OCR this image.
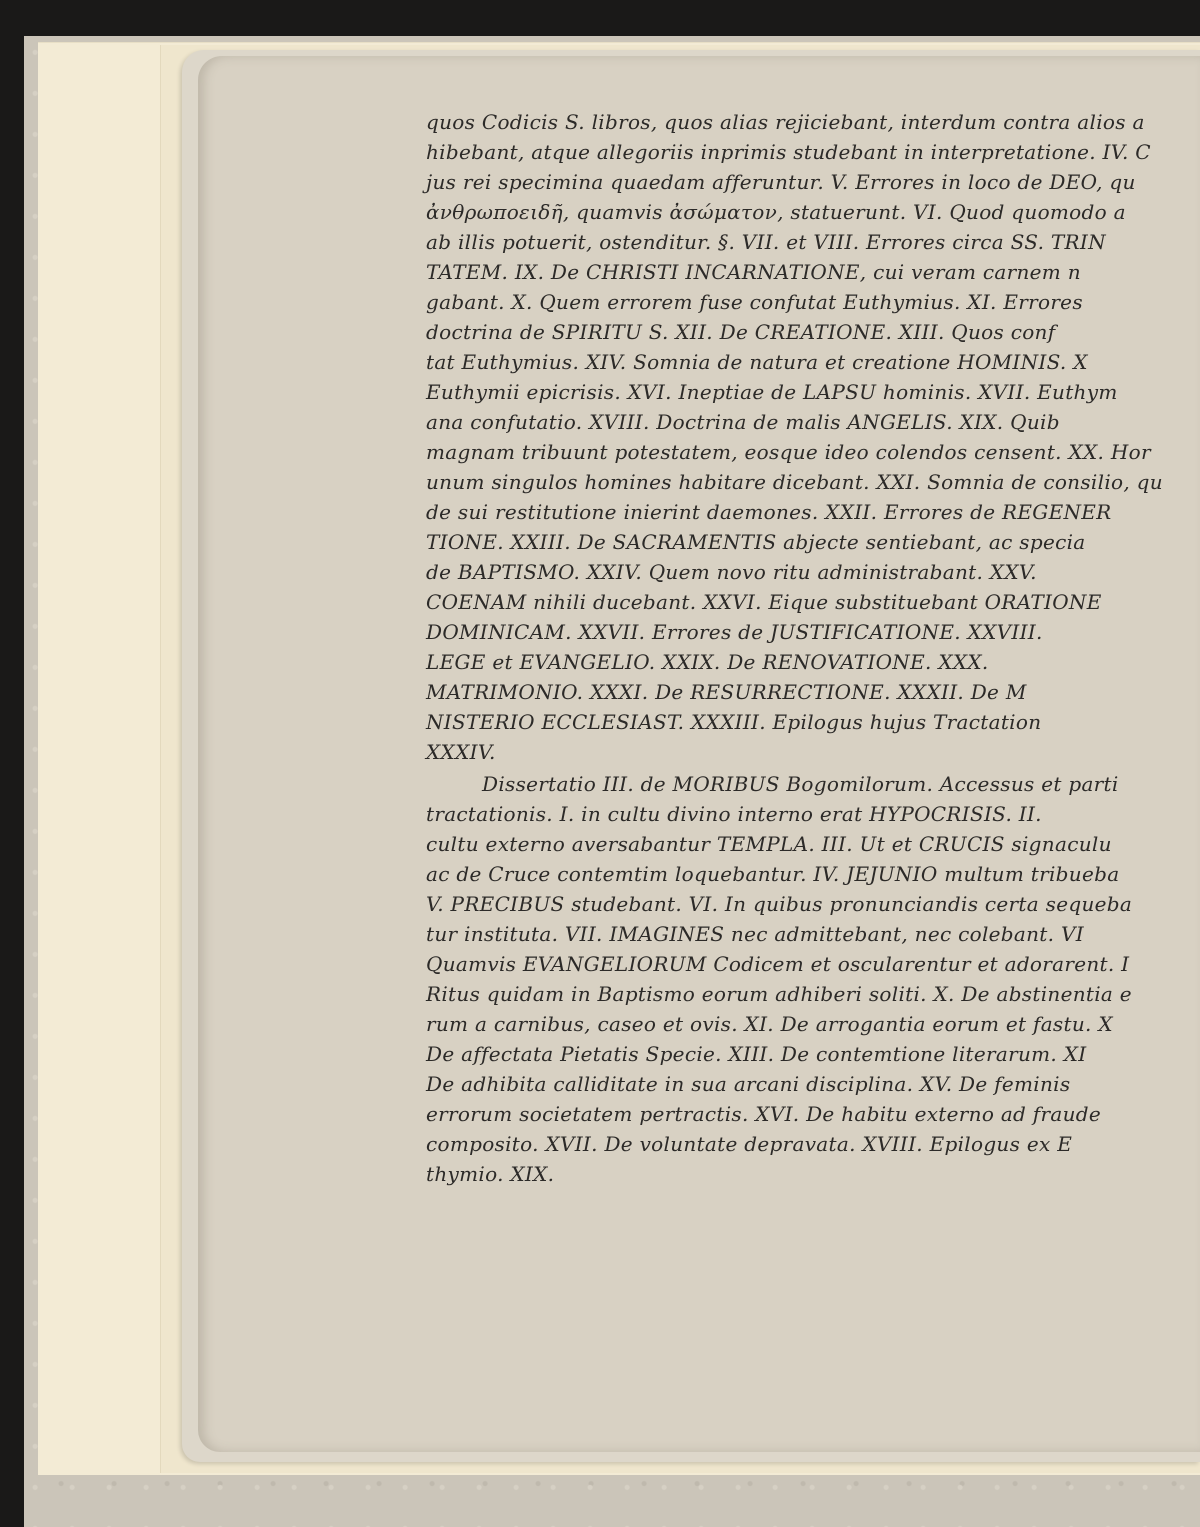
quos Codicis S. libros, quos alias rejiciebant, interdum contra alios a
hibebant, atque allegoriis inprimis studebant in interpretatione. IV. C
jus rei specimina quaedam afferuntur. V. Errores in loco de DEO, qu
ἀνθρωποειδῆ, quamvis ἀσώματον, statuerunt. VI. Quod quomodo a
ab illis potuerit, ostenditur. §. VII. et VIII. Errores circa SS. TRIN
TATEM. IX. De CHRISTI INCARNATIONE, cui veram carnem n
gabant. X. Quem errorem fuse confutat Euthymius. XI. Errores
doctrina de SPIRITU S. XII. De CREATIONE. XIII. Quos conf
tat Euthymius. XIV. Somnia de natura et creatione HOMINIS. X
Euthymii epicrisis. XVI. Ineptiae de LAPSU hominis. XVII. Euthym
ana confutatio. XVIII. Doctrina de malis ANGELIS. XIX. Quib
magnam tribuunt potestatem, eosque ideo colendos censent. XX. Hor
unum singulos homines habitare dicebant. XXI. Somnia de consilio, qu
de sui restitutione inierint daemones. XXII. Errores de REGENER
TIONE. XXIII. De SACRAMENTIS abjecte sentiebant, ac specia
de BAPTISMO. XXIV. Quem novo ritu administrabant. XXV.
COENAM nihili ducebant. XXVI. Eique substituebant ORATIONE
DOMINICAM. XXVII. Errores de JUSTIFICATIONE. XXVIII.
LEGE et EVANGELIO. XXIX. De RENOVATIONE. XXX.
MATRIMONIO. XXXI. De RESURRECTIONE. XXXII. De M
NISTERIO ECCLESIAST. XXXIII. Epilogus hujus Tractation
XXXIV.
Dissertatio III. de MORIBUS Bogomilorum. Accessus et parti
tractationis. I. in cultu divino interno erat HYPOCRISIS. II.
cultu externo aversabantur TEMPLA. III. Ut et CRUCIS signaculu
ac de Cruce contemtim loquebantur. IV. JEJUNIO multum tribueba
V. PRECIBUS studebant. VI. In quibus pronunciandis certa sequeba
tur instituta. VII. IMAGINES nec admittebant, nec colebant. VI
Quamvis EVANGELIORUM Codicem et oscularentur et adorarent. I
Ritus quidam in Baptismo eorum adhiberi soliti. X. De abstinentia e
rum a carnibus, caseo et ovis. XI. De arrogantia eorum et fastu. X
De affectata Pietatis Specie. XIII. De contemtione literarum. XI
De adhibita calliditate in sua arcani disciplina. XV. De feminis
errorum societatem pertractis. XVI. De habitu externo ad fraude
composito. XVII. De voluntate depravata. XVIII. Epilogus ex E
thymio. XIX.
